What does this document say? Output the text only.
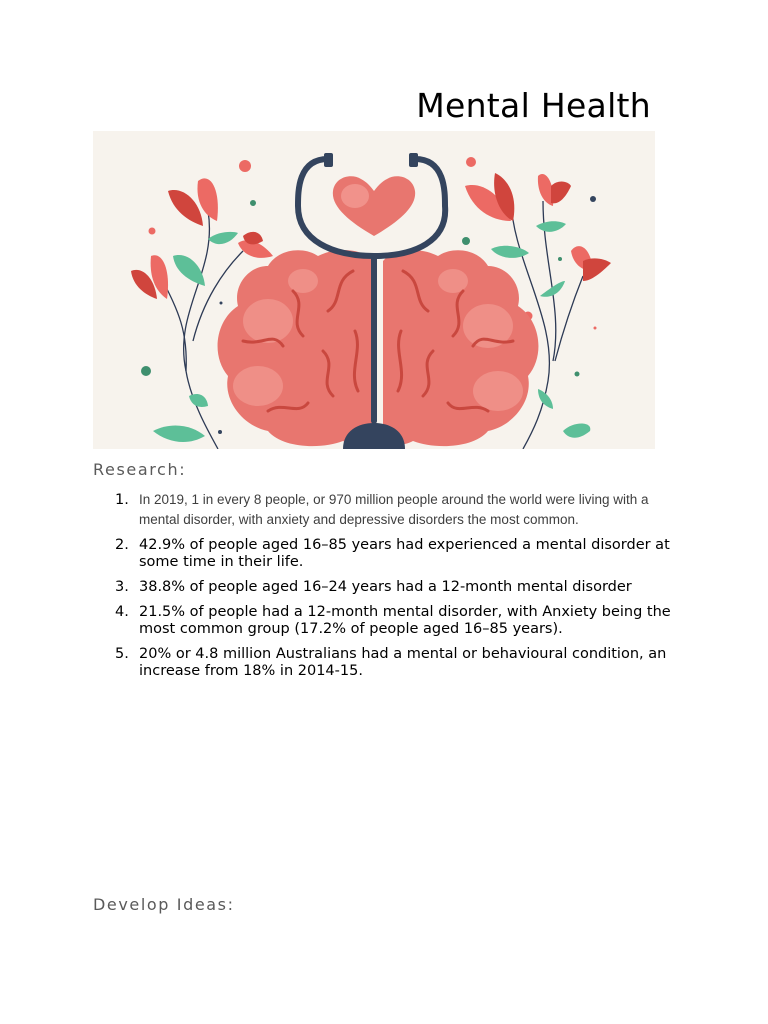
Mental Health
Research:
1. In 2019, 1 in every 8 people, or 970 million people around the world were living with a mental disorder, with anxiety and depressive disorders the most common.
2. 42.9% of people aged 16–85 years had experienced a mental disorder at some time in their life.
3. 38.8% of people aged 16–24 years had a 12-month mental disorder
4. 21.5% of people had a 12-month mental disorder, with Anxiety being the most common group (17.2% of people aged 16–85 years).
5. 20% or 4.8 million Australians had a mental or behavioural condition, an increase from 18% in 2014-15.
Develop Ideas:
